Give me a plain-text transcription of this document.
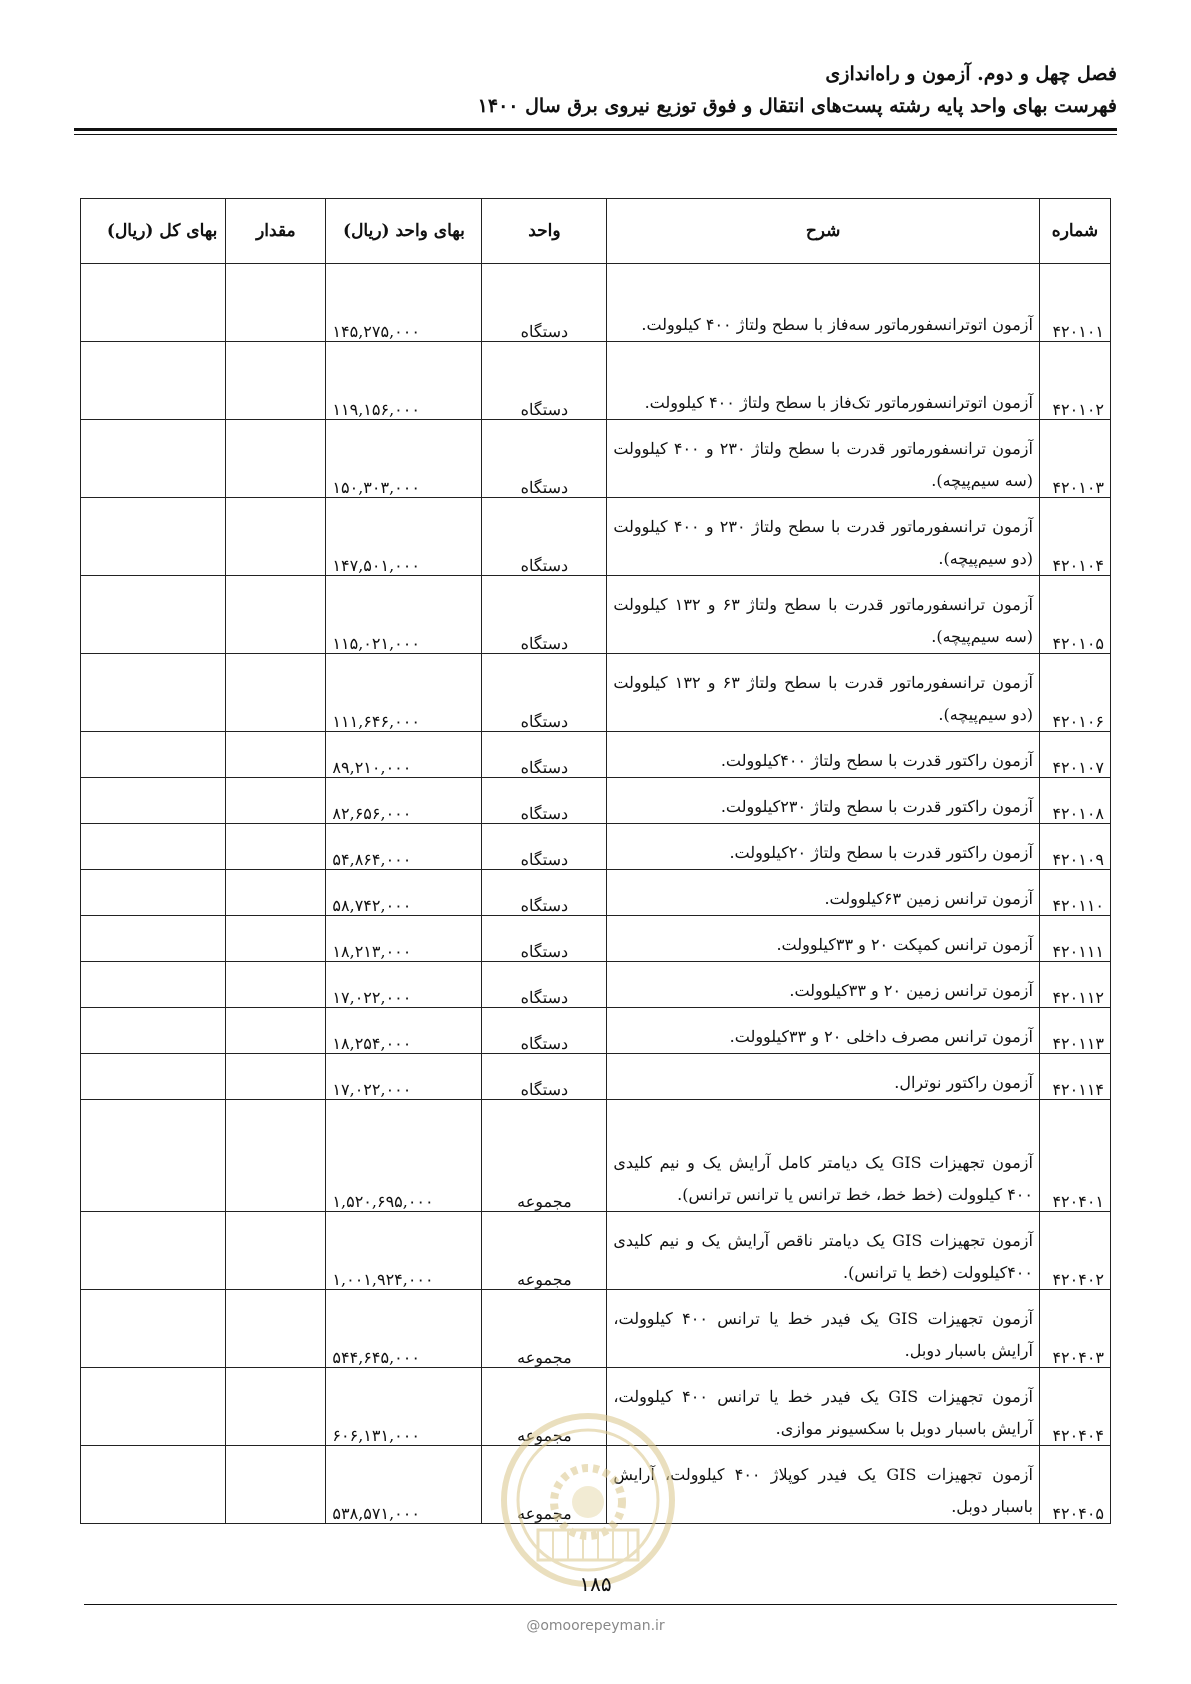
فصل چهل و دوم. آزمون و راه‌اندازی
فهرست بهای واحد پایه رشته پست‌های انتقال و فوق توزیع نیروی برق سال ۱۴۰۰
شماره	شرح	واحد	بهای واحد (ریال)	مقدار	بهای کل (ریال)
۴۲۰۱۰۱	آزمون اتوترانسفورماتور سه‌فاز با سطح ولتاژ ۴۰۰ کیلوولت.	دستگاه	۱۴۵,۲۷۵,۰۰۰		
۴۲۰۱۰۲	آزمون اتوترانسفورماتور تک‌فاز با سطح ولتاژ ۴۰۰ کیلوولت.	دستگاه	۱۱۹,۱۵۶,۰۰۰		
۴۲۰۱۰۳	آزمون ترانسفورماتور قدرت با سطح ولتاژ ۲۳۰ و ۴۰۰ کیلوولت (سه سیم‌پیچه).	دستگاه	۱۵۰,۳۰۳,۰۰۰		
۴۲۰۱۰۴	آزمون ترانسفورماتور قدرت با سطح ولتاژ ۲۳۰ و ۴۰۰ کیلوولت (دو سیم‌پیچه).	دستگاه	۱۴۷,۵۰۱,۰۰۰		
۴۲۰۱۰۵	آزمون ترانسفورماتور قدرت با سطح ولتاژ ۶۳ و ۱۳۲ کیلوولت (سه سیم‌پیچه).	دستگاه	۱۱۵,۰۲۱,۰۰۰		
۴۲۰۱۰۶	آزمون ترانسفورماتور قدرت با سطح ولتاژ ۶۳ و ۱۳۲ کیلوولت (دو سیم‌پیچه).	دستگاه	۱۱۱,۶۴۶,۰۰۰		
۴۲۰۱۰۷	آزمون راکتور قدرت با سطح ولتاژ ۴۰۰کیلوولت.	دستگاه	۸۹,۲۱۰,۰۰۰		
۴۲۰۱۰۸	آزمون راکتور قدرت با سطح ولتاژ ۲۳۰کیلوولت.	دستگاه	۸۲,۶۵۶,۰۰۰		
۴۲۰۱۰۹	آزمون راکتور قدرت با سطح ولتاژ ۲۰کیلوولت.	دستگاه	۵۴,۸۶۴,۰۰۰		
۴۲۰۱۱۰	آزمون ترانس زمین ۶۳کیلوولت.	دستگاه	۵۸,۷۴۲,۰۰۰		
۴۲۰۱۱۱	آزمون ترانس کمپکت ۲۰ و ۳۳کیلوولت.	دستگاه	۱۸,۲۱۳,۰۰۰		
۴۲۰۱۱۲	آزمون ترانس زمین ۲۰ و ۳۳کیلوولت.	دستگاه	۱۷,۰۲۲,۰۰۰		
۴۲۰۱۱۳	آزمون ترانس مصرف داخلی ۲۰ و ۳۳کیلوولت.	دستگاه	۱۸,۲۵۴,۰۰۰		
۴۲۰۱۱۴	آزمون راکتور نوترال.	دستگاه	۱۷,۰۲۲,۰۰۰		
۴۲۰۴۰۱	آزمون تجهیزات GIS یک دیامتر کامل آرایش یک و نیم کلیدی ۴۰۰ کیلوولت (خط خط، خط ترانس یا ترانس ترانس).	مجموعه	۱,۵۲۰,۶۹۵,۰۰۰		
۴۲۰۴۰۲	آزمون تجهیزات GIS یک دیامتر ناقص آرایش یک و نیم کلیدی ۴۰۰کیلوولت (خط یا ترانس).	مجموعه	۱,۰۰۱,۹۲۴,۰۰۰		
۴۲۰۴۰۳	آزمون تجهیزات GIS یک فیدر خط یا ترانس ۴۰۰ کیلوولت، آرایش باسبار دوبل.	مجموعه	۵۴۴,۶۴۵,۰۰۰		
۴۲۰۴۰۴	آزمون تجهیزات GIS یک فیدر خط یا ترانس ۴۰۰ کیلوولت، آرایش باسبار دوبل با سکسیونر موازی.	مجموعه	۶۰۶,۱۳۱,۰۰۰		
۴۲۰۴۰۵	آزمون تجهیزات GIS یک فیدر کوپلاژ ۴۰۰ کیلوولت، آرایش باسبار دوبل.	مجموعه	۵۳۸,۵۷۱,۰۰۰		
۱۸۵
@omoorepeyman.ir
